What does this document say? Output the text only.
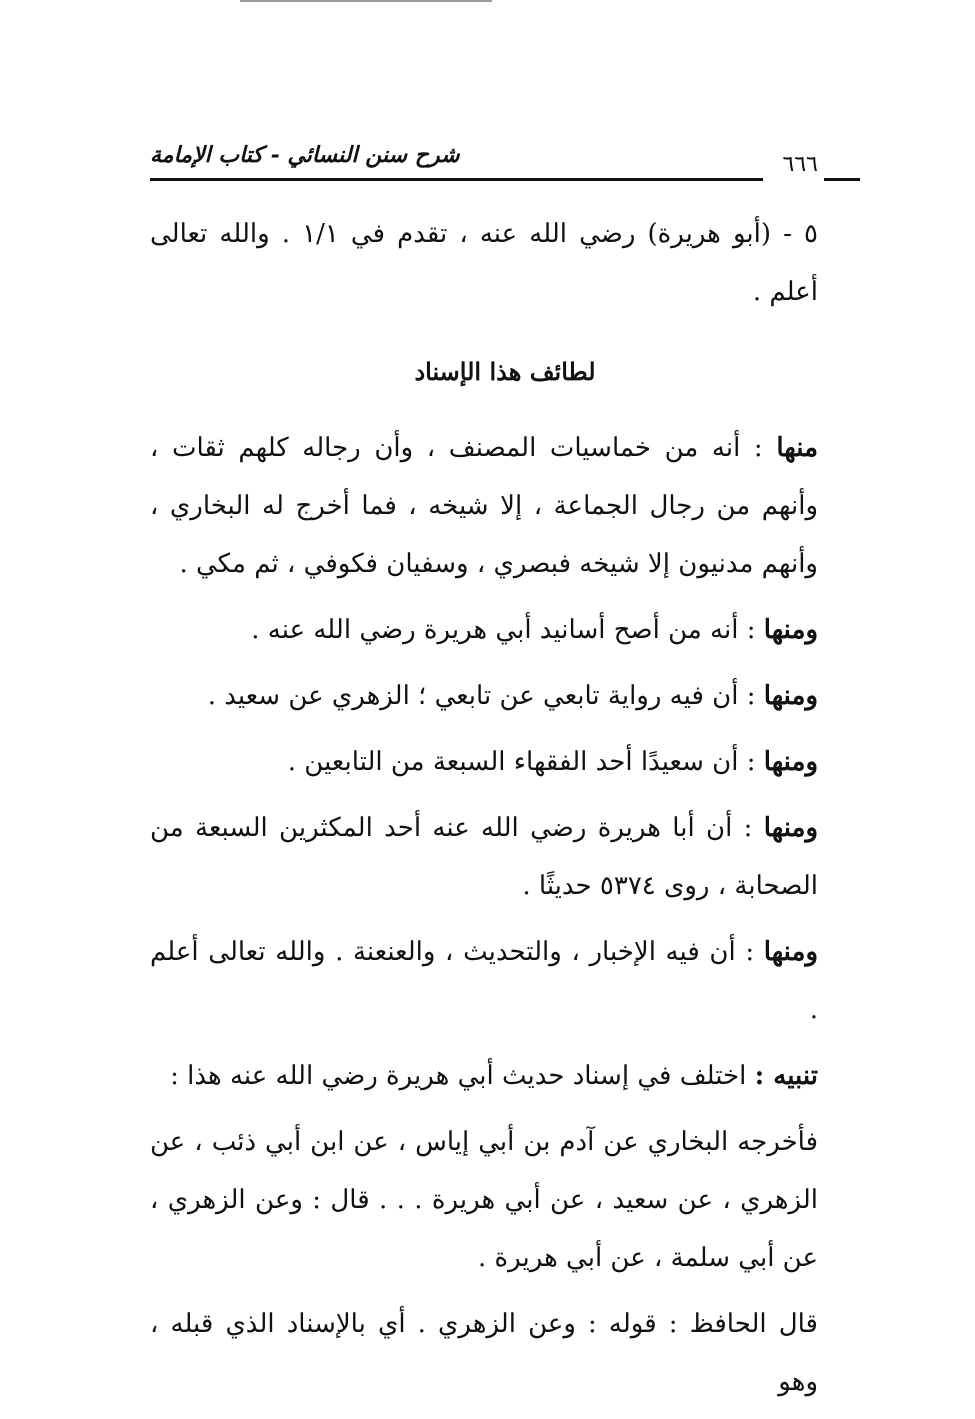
شرح سنن النسائي - كتاب الإمامة	٦٦٦

٥ - (أبو هريرة) رضي الله عنه ، تقدم في ١/١ . والله تعالى أعلم .

لطائف هذا الإسناد

منها : أنه من خماسيات المصنف ، وأن رجاله كلهم ثقات ، وأنهم من رجال الجماعة ، إلا شيخه ، فما أخرج له البخاري ، وأنهم مدنيون إلا شيخه فبصري ، وسفيان فكوفي ، ثم مكي .

ومنها : أنه من أصح أسانيد أبي هريرة رضي الله عنه .

ومنها : أن فيه رواية تابعي عن تابعي ؛ الزهري عن سعيد .

ومنها : أن سعيدًا أحد الفقهاء السبعة من التابعين .

ومنها : أن أبا هريرة رضي الله عنه أحد المكثرين السبعة من الصحابة ، روى ٥٣٧٤ حديثًا .

ومنها : أن فيه الإخبار ، والتحديث ، والعنعنة . والله تعالى أعلم .

تنبيه : اختلف في إسناد حديث أبي هريرة رضي الله عنه هذا :

فأخرجه البخاري عن آدم بن أبي إياس ، عن ابن أبي ذئب ، عن الزهري ، عن سعيد ، عن أبي هريرة . . . قال : وعن الزهري ، عن أبي سلمة ، عن أبي هريرة .

قال الحافظ : قوله : وعن الزهري . أي بالإسناد الذي قبله ، وهو
